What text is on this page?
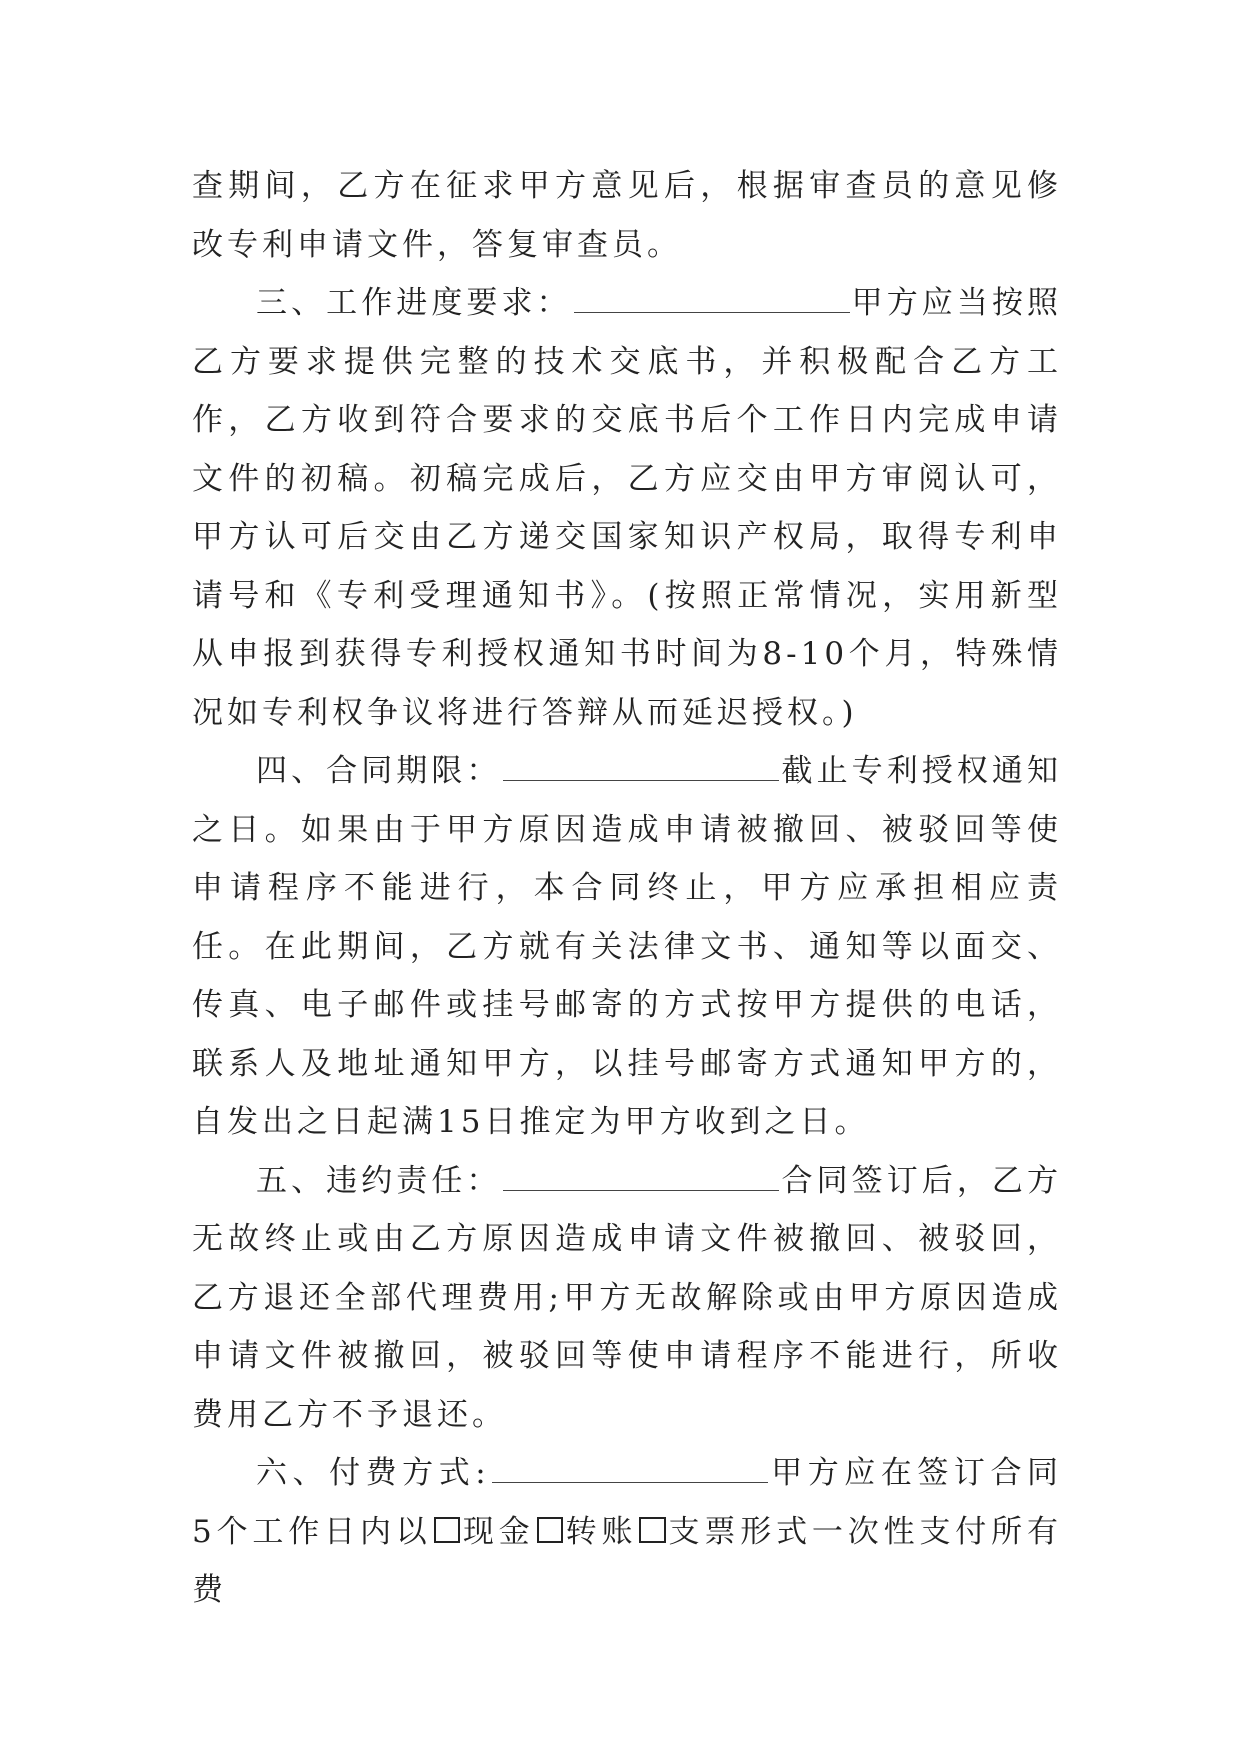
查期间，乙方在征求甲方意见后，根据审查员的意见修改专利申请文件，答复审查员。

三、工作进度要求：	甲方应当按照乙方要求提供完整的技术交底书，并积极配合乙方工作，乙方收到符合要求的交底书后个工作日内完成申请文件的初稿。初稿完成后，乙方应交由甲方审阅认可，甲方认可后交由乙方递交国家知识产权局，取得专利申请号和《专利受理通知书》。(按照正常情况，实用新型从申报到获得专利授权通知书时间为8-10个月，特殊情况如专利权争议将进行答辩从而延迟授权。)

四、合同期限：	截止专利授权通知之日。如果由于甲方原因造成申请被撤回、被驳回等使申请程序不能进行，本合同终止，甲方应承担相应责任。在此期间，乙方就有关法律文书、通知等以面交、传真、电子邮件或挂号邮寄的方式按甲方提供的电话，联系人及地址通知甲方，以挂号邮寄方式通知甲方的，自发出之日起满15日推定为甲方收到之日。

五、违约责任：	合同签订后，乙方无故终止或由乙方原因造成申请文件被撤回、被驳回，乙方退还全部代理费用;甲方无故解除或由甲方原因造成申请文件被撤回，被驳回等使申请程序不能进行，所收费用乙方不予退还。

六、付费方式:	甲方应在签订合同5个工作日内以 现金 转账 支票形式一次性支付所有费
